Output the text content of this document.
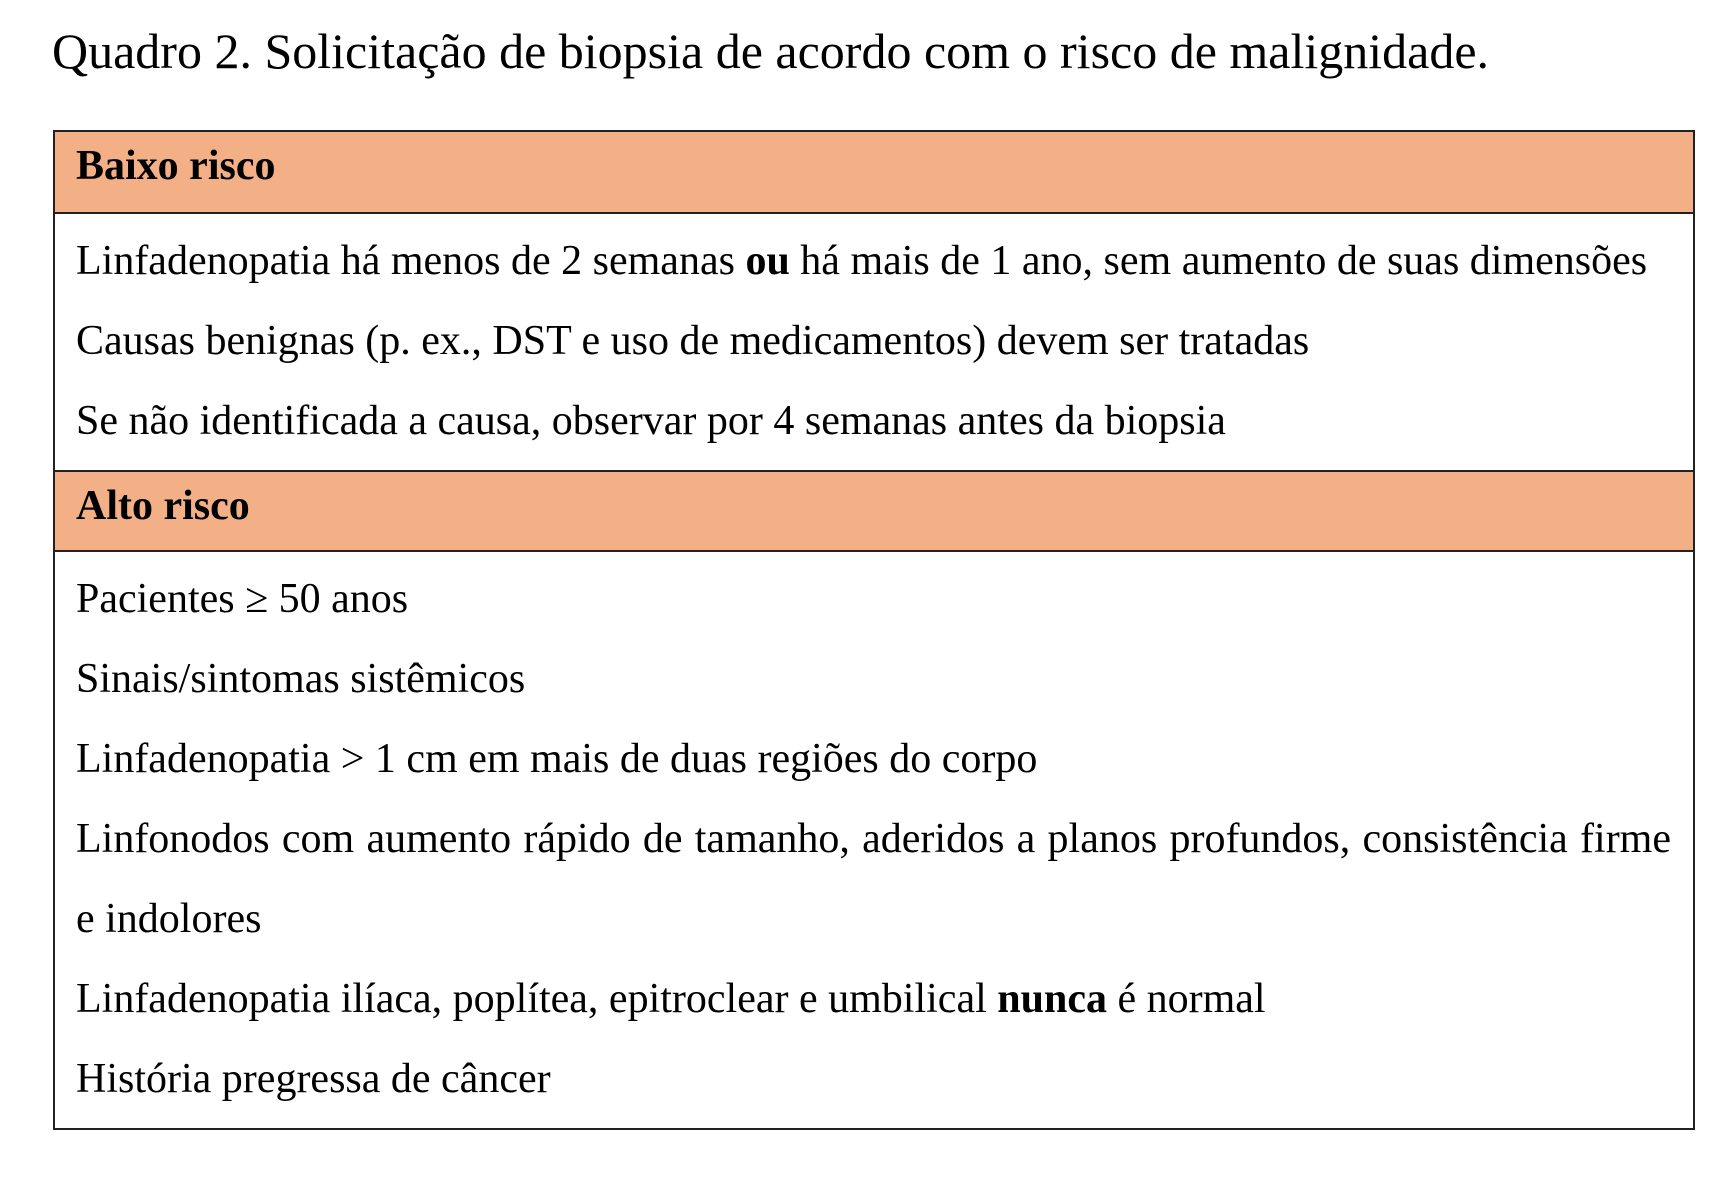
Quadro 2. Solicitação de biopsia de acordo com o risco de malignidade.
Baixo risco
Linfadenopatia há menos de 2 semanas ou há mais de 1 ano, sem aumento de suas dimensões
Causas benignas (p. ex., DST e uso de medicamentos) devem ser tratadas
Se não identificada a causa, observar por 4 semanas antes da biopsia
Alto risco
Pacientes ≥ 50 anos
Sinais/sintomas sistêmicos
Linfadenopatia > 1 cm em mais de duas regiões do corpo
Linfonodos com aumento rápido de tamanho, aderidos a planos profundos, consistência firme e indolores
Linfadenopatia ilíaca, poplítea, epitroclear e umbilical nunca é normal
História pregressa de câncer
